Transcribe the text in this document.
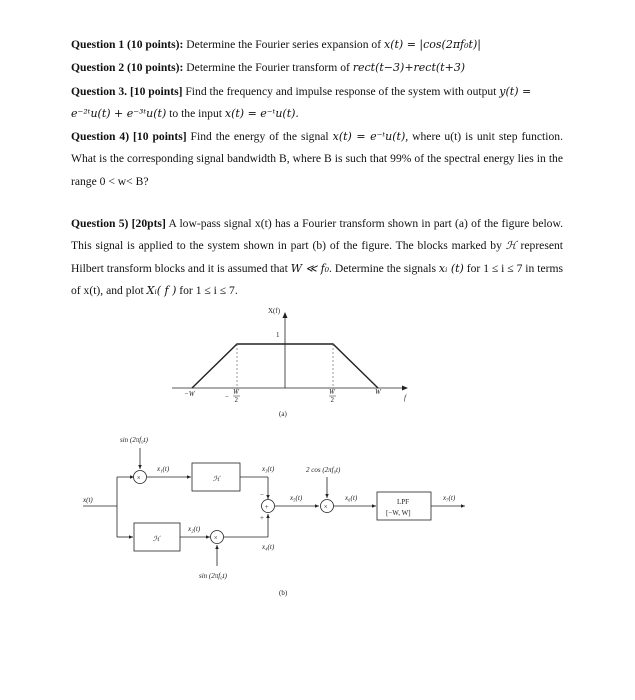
Question 1 (10 points): Determine the Fourier series expansion of x(t) = |cos(2πf₀t)|

Question 2 (10 points): Determine the Fourier transform of rect(t−3)+rect(t+3)

Question 3. [10 points] Find the frequency and impulse response of the system with output y(t) =
e⁻²ᵗu(t) + e⁻³ᵗu(t) to the input x(t) = e⁻ᵗu(t).

Question 4) [10 points] Find the energy of the signal x(t) = e⁻ᵗu(t), where u(t) is unit step function. What is the corresponding signal bandwidth B, where B is such that 99% of the spectral energy lies in the range 0 < w< B?

Question 5) [20pts] A low-pass signal x(t) has a Fourier transform shown in part (a) of the figure below. This signal is applied to the system shown in part (b) of the figure. The blocks marked by ℋ represent Hilbert transform blocks and it is assumed that W ≪ f₀. Determine the signals xᵢ (t) for 1 ≤ i ≤ 7 in terms of x(t), and plot Xᵢ( f ) for 1 ≤ i ≤ 7.

X(f)
1
−W	−
W
2
W
2
W
f
(a)
x(t)
sin (2πf₀t)
×
x₁(t)
ℋ
x₃(t)
+
−
+
ℋ
x₂(t)
×
sin (2πf₀t)
x₄(t)
x₅(t)
×
2 cos (2πf₀t)
x₆(t)	LPF
[−W, W]
x₇(t)
(b)
